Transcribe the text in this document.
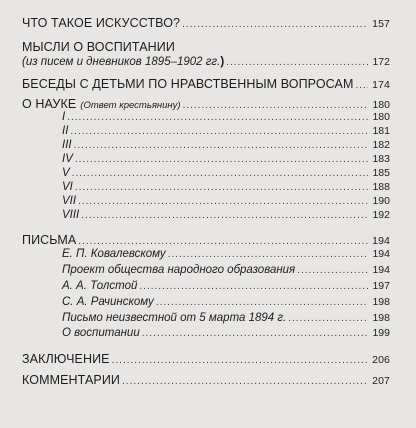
ЧТО ТАКОЕ ИСКУССТВО? .....	157
МЫСЛИ О ВОСПИТАНИИ
(из писем и дневников 1895–1902 гг.) .....	172
БЕСЕДЫ С ДЕТЬМИ ПО НРАВСТВЕННЫМ ВОПРОСАМ ..... 174
О НАУКЕ (Ответ крестьянину) .....	180
I .....	180
II .....	181
III .....	182
IV .....	183
V .....	185
VI .....	188
VII .....	190
VIII .....	192
ПИСЬМА .....	194
Е. П. Ковалевскому .....	194
Проект общества народного образования .....	194
А. А. Толстой .....	197
С. А. Рачинскому .....	198
Письмо неизвестной от 5 марта 1894 г. .....	198
О воспитании .....	199
ЗАКЛЮЧЕНИЕ .....	206
КОММЕНТАРИИ .....	207
